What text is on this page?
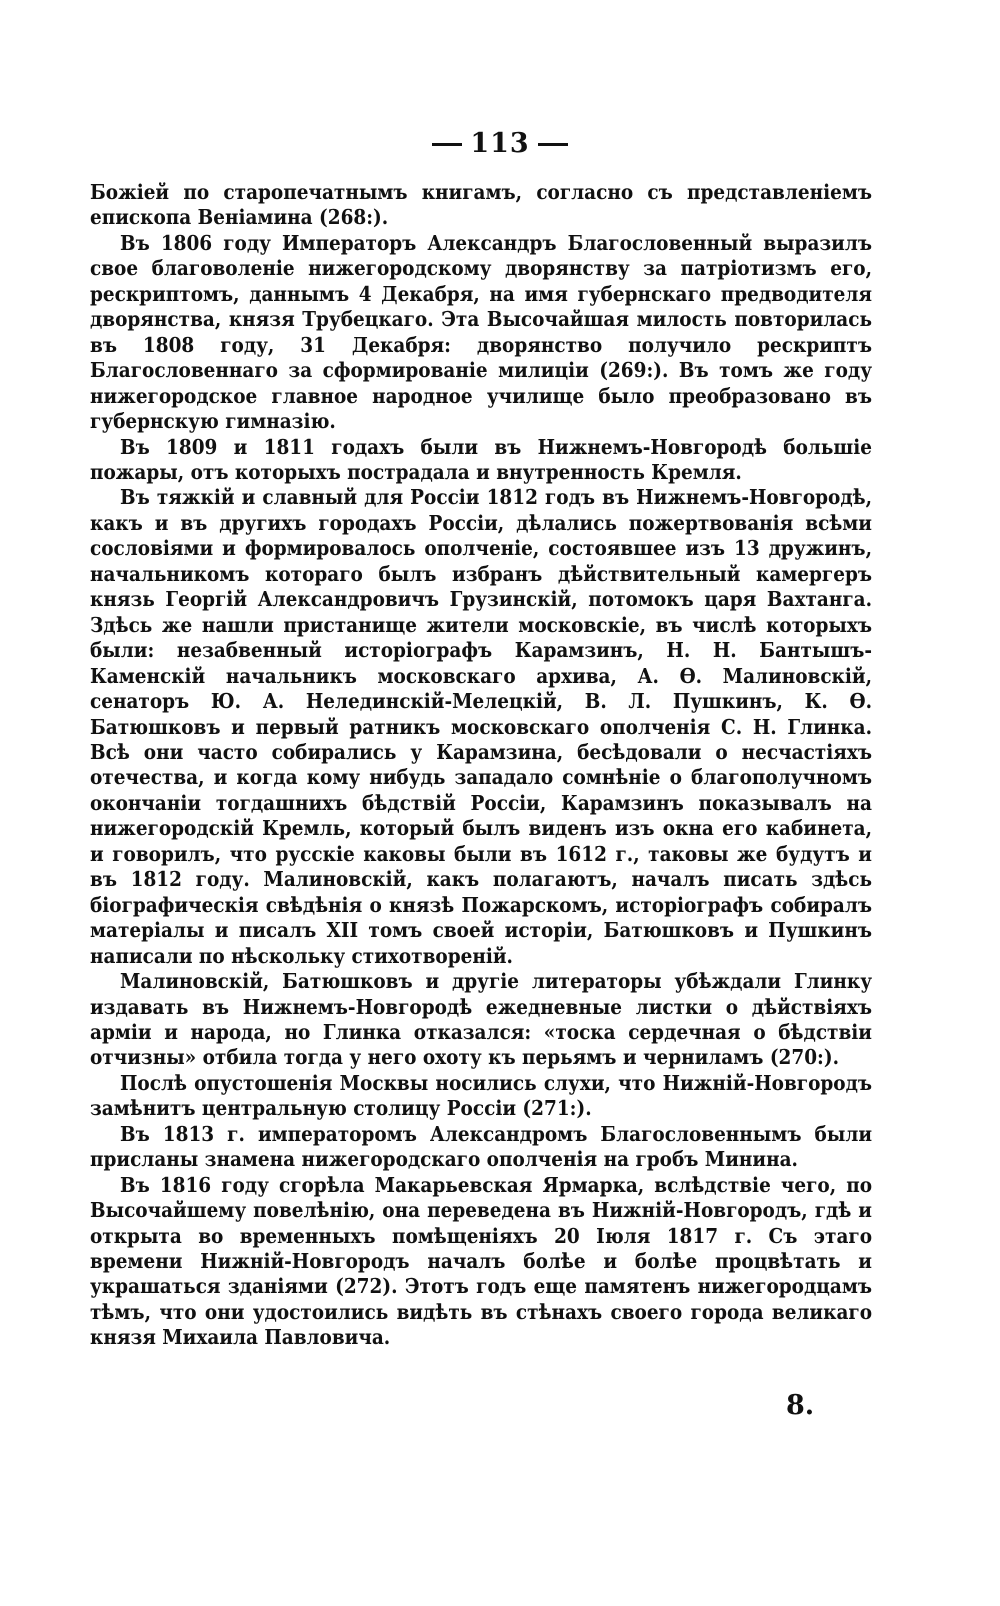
113

Божіей по старопечатнымъ книгамъ, согласно съ представленіемъ епископа Веніамина (268:).

Въ 1806 году Императоръ Александръ Благословенный выразилъ свое благоволеніе нижегородскому дворянству за патріотизмъ его, рескриптомъ, даннымъ 4 Декабря, на имя губернскаго предводителя дворянства, князя Трубецкаго. Эта Высочайшая милость повторилась въ 1808 году, 31 Декабря: дворянство получило рескриптъ Благословеннаго за сформированіе милиціи (269:). Въ томъ же году нижегородское главное народное училище было преобразовано въ губернскую гимназію.

Въ 1809 и 1811 годахъ были въ Нижнемъ-Новгородѣ большіе пожары, отъ которыхъ пострадала и внутренность Кремля.

Въ тяжкій и славный для Россіи 1812 годъ въ Нижнемъ-Новгородѣ, какъ и въ другихъ городахъ Россіи, дѣлались пожертвованія всѣми сословіями и формировалось ополченіе, состоявшее изъ 13 дружинъ, начальникомъ котораго былъ избранъ дѣйствительный камергеръ князь Георгій Александровичъ Грузинскій, потомокъ царя Вахтанга. Здѣсь же нашли пристанище жители московскіе, въ числѣ которыхъ были: незабвенный исторіографъ Карамзинъ, Н. Н. Бантышъ-Каменскій начальникъ московскаго архива, А. Ѳ. Малиновскій, сенаторъ Ю. А. Нелединскій-Мелецкій, В. Л. Пушкинъ, К. Ѳ. Батюшковъ и первый ратникъ московскаго ополченія С. Н. Глинка. Всѣ они часто собирались у Карамзина, бесѣдовали о несчастіяхъ отечества, и когда кому нибудь западало сомнѣніе о благополучномъ окончаніи тогдашнихъ бѣдствій Россіи, Карамзинъ показывалъ на нижегородскій Кремль, который былъ виденъ изъ окна его кабинета, и говорилъ, что русскіе каковы были въ 1612 г., таковы же будутъ и въ 1812 году. Малиновскій, какъ полагаютъ, началъ писать здѣсь біографическія свѣдѣнія о князѣ Пожарскомъ, исторіографъ собиралъ матеріалы и писалъ XII томъ своей исторіи, Батюшковъ и Пушкинъ написали по нѣскольку стихотвореній.

Малиновскій, Батюшковъ и другіе литераторы убѣждали Глинку издавать въ Нижнемъ-Новгородѣ ежедневные листки о дѣйствіяхъ арміи и народа, но Глинка отказался: «тоска сердечная о бѣдствіи отчизны» отбила тогда у него охоту къ перьямъ и черниламъ (270:).

Послѣ опустошенія Москвы носились слухи, что Нижній-Новгородъ замѣнитъ центральную столицу Россіи (271:).

Въ 1813 г. императоромъ Александромъ Благословеннымъ были присланы знамена нижегородскаго ополченія на гробъ Минина.

Въ 1816 году сгорѣла Макарьевская Ярмарка, вслѣдствіе чего, по Высочайшему повелѣнію, она переведена въ Нижній-Новгородъ, гдѣ и открыта во временныхъ помѣщеніяхъ 20 Іюля 1817 г. Съ этаго времени Нижній-Новгородъ началъ болѣе и болѣе процвѣтать и украшаться зданіями (272). Этотъ годъ еще памятенъ нижегородцамъ тѣмъ, что они удостоились видѣть въ стѣнахъ своего города великаго князя Михаила Павловича.

8.
